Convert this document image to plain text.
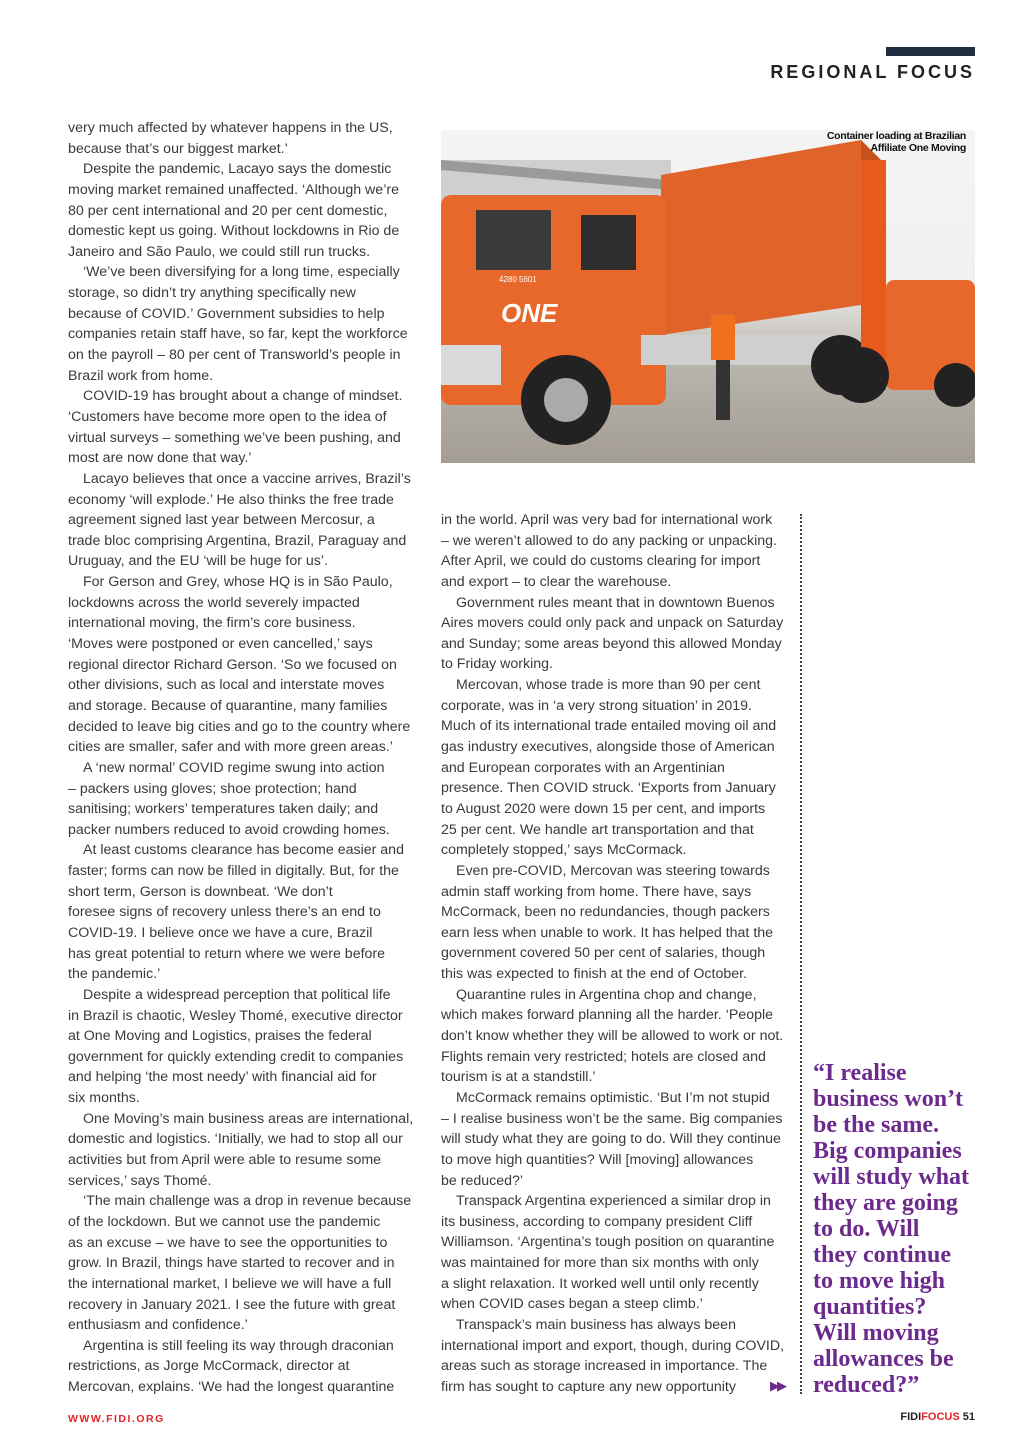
REGIONAL FOCUS
very much affected by whatever happens in the US,
because that’s our biggest market.’
Despite the pandemic, Lacayo says the domestic
moving market remained unaffected. ‘Although we’re
80 per cent international and 20 per cent domestic,
domestic kept us going. Without lockdowns in Rio de
Janeiro and São Paulo, we could still run trucks.
‘We’ve been diversifying for a long time, especially
storage, so didn’t try anything specifically new
because of COVID.’ Government subsidies to help
companies retain staff have, so far, kept the workforce
on the payroll – 80 per cent of Transworld’s people in
Brazil work from home.
COVID-19 has brought about a change of mindset.
‘Customers have become more open to the idea of
virtual surveys – something we’ve been pushing, and
most are now done that way.’
Lacayo believes that once a vaccine arrives, Brazil’s
economy ‘will explode.’ He also thinks the free trade
agreement signed last year between Mercosur, a
trade bloc comprising Argentina, Brazil, Paraguay and
Uruguay, and the EU ‘will be huge for us’.
For Gerson and Grey, whose HQ is in São Paulo,
lockdowns across the world severely impacted
international moving, the firm’s core business.
‘Moves were postponed or even cancelled,’ says
regional director Richard Gerson. ‘So we focused on
other divisions, such as local and interstate moves
and storage. Because of quarantine, many families
decided to leave big cities and go to the country where
cities are smaller, safer and with more green areas.’
A ‘new normal’ COVID regime swung into action
– packers using gloves; shoe protection; hand
sanitising; workers’ temperatures taken daily; and
packer numbers reduced to avoid crowding homes.
At least customs clearance has become easier and
faster; forms can now be filled in digitally. But, for the
short term, Gerson is downbeat. ‘We don’t
foresee signs of recovery unless there’s an end to
COVID-19. I believe once we have a cure, Brazil
has great potential to return where we were before
the pandemic.’
Despite a widespread perception that political life
in Brazil is chaotic, Wesley Thomé, executive director
at One Moving and Logistics, praises the federal
government for quickly extending credit to companies
and helping ‘the most needy’ with financial aid for
six months.
One Moving’s main business areas are international,
domestic and logistics. ‘Initially, we had to stop all our
activities but from April were able to resume some
services,’ says Thomé.
‘The main challenge was a drop in revenue because
of the lockdown. But we cannot use the pandemic
as an excuse – we have to see the opportunities to
grow. In Brazil, things have started to recover and in
the international market, I believe we will have a full
recovery in January 2021. I see the future with great
enthusiasm and confidence.’
Argentina is still feeling its way through draconian
restrictions, as Jorge McCormack, director at
Mercovan, explains. ‘We had the longest quarantine
4280 5601
ONE
Container loading at Brazilian
Affiliate One Moving
in the world. April was very bad for international work
– we weren’t allowed to do any packing or unpacking.
After April, we could do customs clearing for import
and export – to clear the warehouse.
Government rules meant that in downtown Buenos
Aires movers could only pack and unpack on Saturday
and Sunday; some areas beyond this allowed Monday
to Friday working.
Mercovan, whose trade is more than 90 per cent
corporate, was in ‘a very strong situation’ in 2019.
Much of its international trade entailed moving oil and
gas industry executives, alongside those of American
and European corporates with an Argentinian
presence. Then COVID struck. ‘Exports from January
to August 2020 were down 15 per cent, and imports
25 per cent. We handle art transportation and that
completely stopped,’ says McCormack.
Even pre-COVID, Mercovan was steering towards
admin staff working from home. There have, says
McCormack, been no redundancies, though packers
earn less when unable to work. It has helped that the
government covered 50 per cent of salaries, though
this was expected to finish at the end of October.
Quarantine rules in Argentina chop and change,
which makes forward planning all the harder. ‘People
don’t know whether they will be allowed to work or not.
Flights remain very restricted; hotels are closed and
tourism is at a standstill.’
McCormack remains optimistic. ‘But I’m not stupid
– I realise business won’t be the same. Big companies
will study what they are going to do. Will they continue
to move high quantities? Will [moving] allowances
be reduced?’
Transpack Argentina experienced a similar drop in
its business, according to company president Cliff
Williamson. ‘Argentina’s tough position on quarantine
was maintained for more than six months with only
a slight relaxation. It worked well until only recently
when COVID cases began a steep climb.’
Transpack’s main business has always been
international import and export, though, during COVID,
areas such as storage increased in importance. The
firm has sought to capture any new opportunity	▶▶
“I realise
business won’t
be the same.
Big companies
will study what
they are going
to do. Will
they continue
to move high
quantities?
Will moving
allowances be
reduced?”
WWW.FIDI.ORG	FIDIFOCUS 51
